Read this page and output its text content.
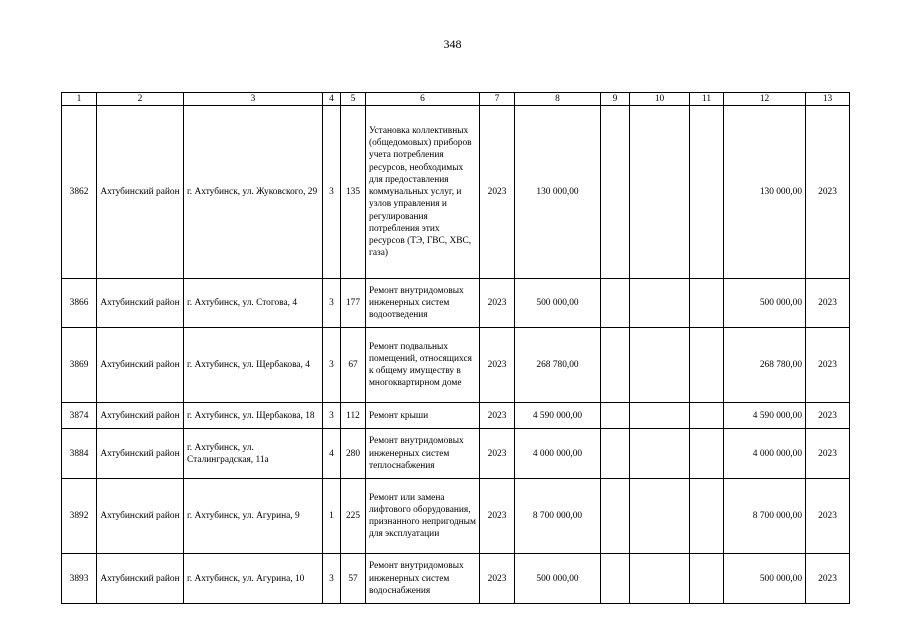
348
1	2	3	4	5	6	7	8	9	10	11	12	13
3862	Ахтубинский район	г. Ахтубинск, ул. Жуковского, 29	3	135	Установка коллективных (общедомовых) приборов учета потребления ресурсов, необходимых для предоставления коммунальных услуг, и узлов управления и регулирования потребления этих ресурсов (ТЭ, ГВС, ХВС, газа)	2023	130 000,00				130 000,00	2023
3866	Ахтубинский район	г. Ахтубинск, ул. Стогова, 4	3	177	Ремонт внутридомовых инженерных систем водоотведения	2023	500 000,00				500 000,00	2023
3869	Ахтубинский район	г. Ахтубинск, ул. Щербакова, 4	3	67	Ремонт подвальных помещений, относящихся к общему имуществу в многоквартирном доме	2023	268 780,00				268 780,00	2023
3874	Ахтубинский район	г. Ахтубинск, ул. Щербакова, 18	3	112	Ремонт крыши	2023	4 590 000,00				4 590 000,00	2023
3884	Ахтубинский район	г. Ахтубинск, ул. Сталинградская, 11а	4	280	Ремонт внутридомовых инженерных систем теплоснабжения	2023	4 000 000,00				4 000 000,00	2023
3892	Ахтубинский район	г. Ахтубинск, ул. Агурина, 9	1	225	Ремонт или замена лифтового оборудования, признанного непригодным для эксплуатации	2023	8 700 000,00				8 700 000,00	2023
3893	Ахтубинский район	г. Ахтубинск, ул. Агурина, 10	3	57	Ремонт внутридомовых инженерных систем водоснабжения	2023	500 000,00				500 000,00	2023
